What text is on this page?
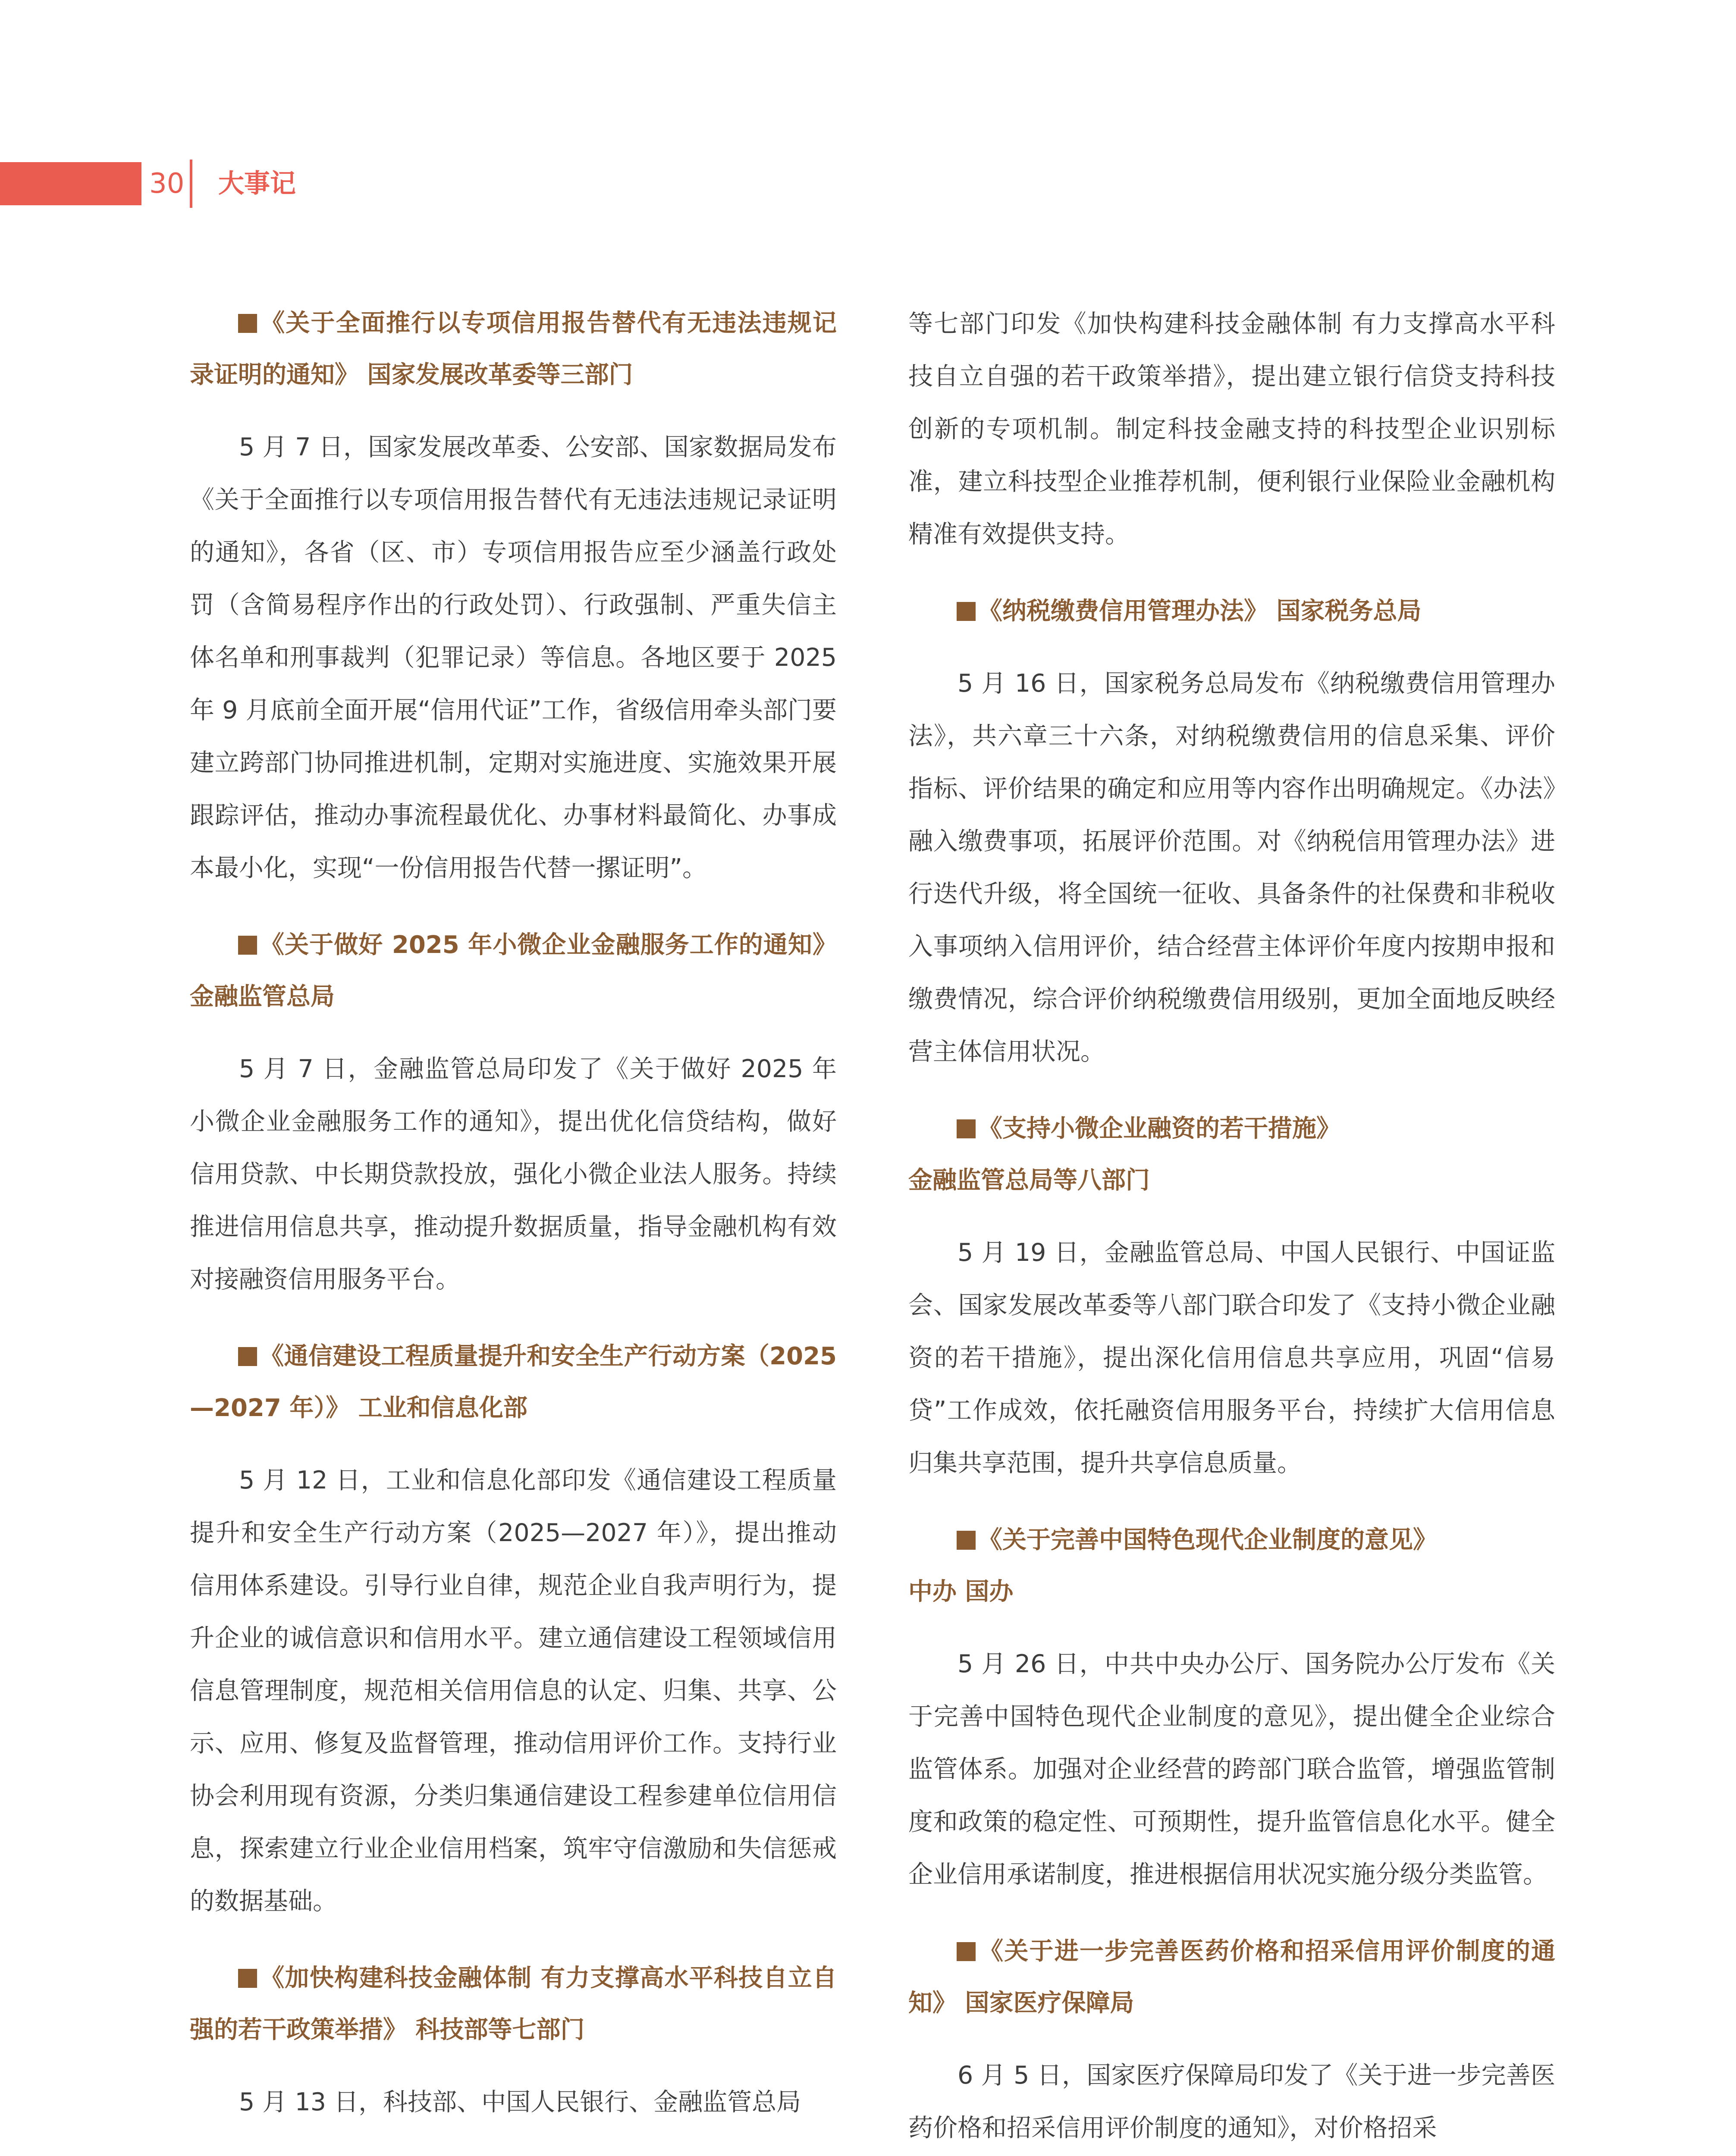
30 大事记

《关于全面推行以专项信用报告替代有无违法违规记录证明的通知》 国家发展改革委等三部门

5 月 7 日，国家发展改革委、公安部、国家数据局发布《关于全面推行以专项信用报告替代有无违法违规记录证明的通知》，各省（区、市）专项信用报告应至少涵盖行政处罚（含简易程序作出的行政处罚）、行政强制、严重失信主体名单和刑事裁判（犯罪记录）等信息。各地区要于 2025 年 9 月底前全面开展“信用代证”工作，省级信用牵头部门要建立跨部门协同推进机制，定期对实施进度、实施效果开展跟踪评估，推动办事流程最优化、办事材料最简化、办事成本最小化，实现“一份信用报告代替一摞证明”。

《关于做好 2025 年小微企业金融服务工作的通知》 金融监管总局

5 月 7 日，金融监管总局印发了《关于做好 2025 年小微企业金融服务工作的通知》，提出优化信贷结构，做好信用贷款、中长期贷款投放，强化小微企业法人服务。持续推进信用信息共享，推动提升数据质量，指导金融机构有效对接融资信用服务平台。

《通信建设工程质量提升和安全生产行动方案（2025—2027 年）》 工业和信息化部

5 月 12 日，工业和信息化部印发《通信建设工程质量提升和安全生产行动方案（2025—2027 年）》，提出推动信用体系建设。引导行业自律，规范企业自我声明行为，提升企业的诚信意识和信用水平。建立通信建设工程领域信用信息管理制度，规范相关信用信息的认定、归集、共享、公示、应用、修复及监督管理，推动信用评价工作。支持行业协会利用现有资源，分类归集通信建设工程参建单位信用信息，探索建立行业企业信用档案，筑牢守信激励和失信惩戒的数据基础。

《加快构建科技金融体制 有力支撑高水平科技自立自强的若干政策举措》 科技部等七部门

5 月 13 日，科技部、中国人民银行、金融监管总局

等七部门印发《加快构建科技金融体制 有力支撑高水平科技自立自强的若干政策举措》，提出建立银行信贷支持科技创新的专项机制。制定科技金融支持的科技型企业识别标准，建立科技型企业推荐机制，便利银行业保险业金融机构精准有效提供支持。

《纳税缴费信用管理办法》 国家税务总局

5 月 16 日，国家税务总局发布《纳税缴费信用管理办法》，共六章三十六条，对纳税缴费信用的信息采集、评价指标、评价结果的确定和应用等内容作出明确规定。《办法》融入缴费事项，拓展评价范围。对《纳税信用管理办法》进行迭代升级，将全国统一征收、具备条件的社保费和非税收入事项纳入信用评价，结合经营主体评价年度内按期申报和缴费情况，综合评价纳税缴费信用级别，更加全面地反映经营主体信用状况。

《支持小微企业融资的若干措施》
金融监管总局等八部门

5 月 19 日，金融监管总局、中国人民银行、中国证监会、国家发展改革委等八部门联合印发了《支持小微企业融资的若干措施》，提出深化信用信息共享应用，巩固“信易贷”工作成效，依托融资信用服务平台，持续扩大信用信息归集共享范围，提升共享信息质量。

《关于完善中国特色现代企业制度的意见》
中办 国办

5 月 26 日，中共中央办公厅、国务院办公厅发布《关于完善中国特色现代企业制度的意见》，提出健全企业综合监管体系。加强对企业经营的跨部门联合监管，增强监管制度和政策的稳定性、可预期性，提升监管信息化水平。健全企业信用承诺制度，推进根据信用状况实施分级分类监管。

《关于进一步完善医药价格和招采信用评价制度的通知》 国家医疗保障局

6 月 5 日，国家医疗保障局印发了《关于进一步完善医药价格和招采信用评价制度的通知》，对价格招采
